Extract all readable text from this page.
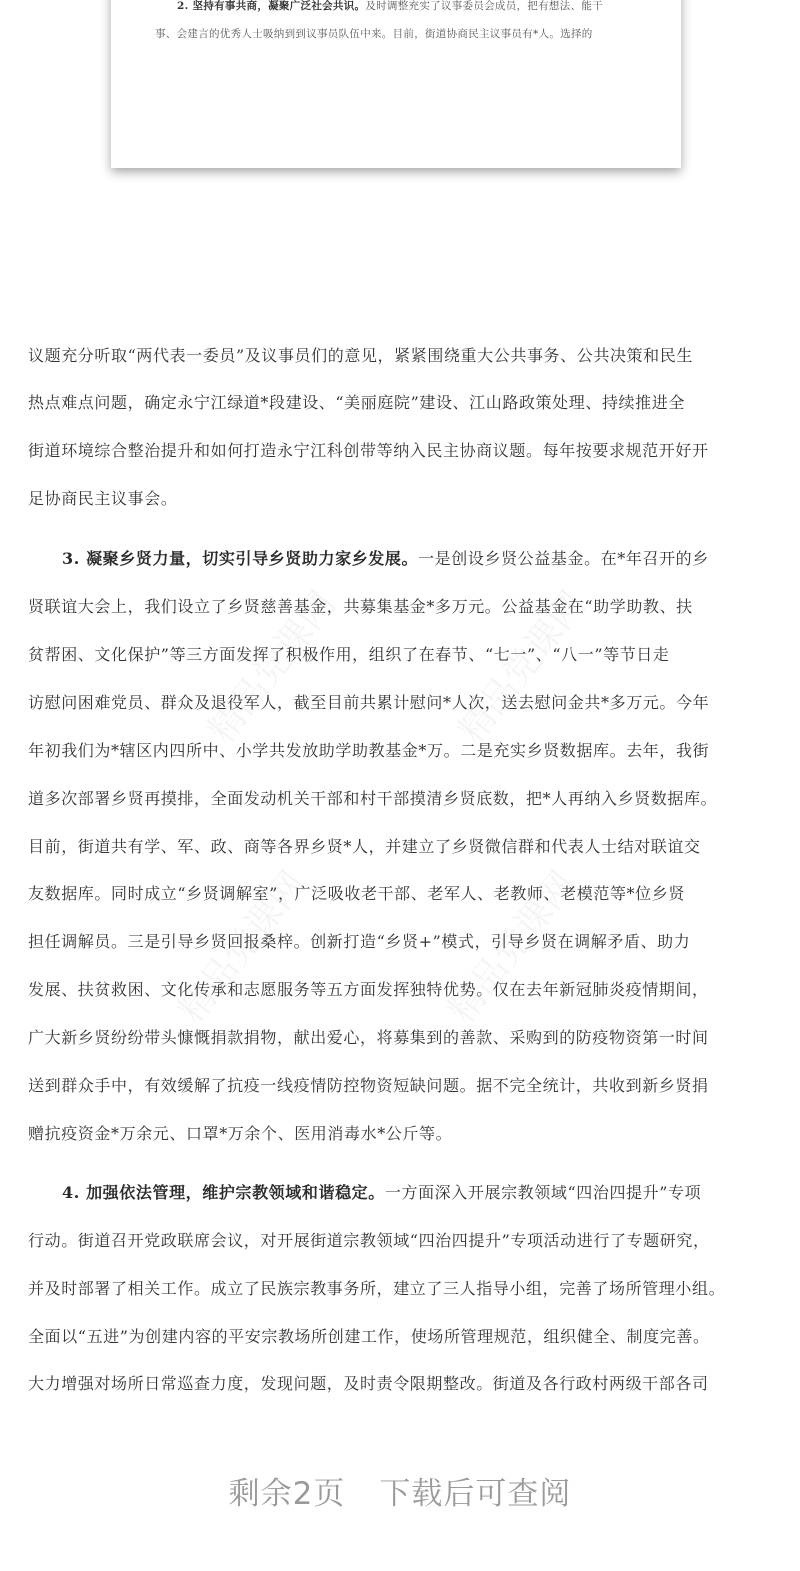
2. 坚持有事共商，凝聚广泛社会共识。及时调整充实了议事委员会成员，把有想法、能干
事、会建言的优秀人士吸纳到到议事员队伍中来。目前，街道协商民主议事员有*人。选择的
议题充分听取“两代表一委员”及议事员们的意见，紧紧围绕重大公共事务、公共决策和民生
热点难点问题，确定永宁江绿道*段建设、“美丽庭院”建设、江山路政策处理、持续推进全
街道环境综合整治提升和如何打造永宁江科创带等纳入民主协商议题。每年按要求规范开好开
足协商民主议事会。
3. 凝聚乡贤力量，切实引导乡贤助力家乡发展。一是创设乡贤公益基金。在*年召开的乡
贤联谊大会上，我们设立了乡贤慈善基金，共募集基金*多万元。公益基金在“助学助教、扶
贫帮困、文化保护”等三方面发挥了积极作用，组织了在春节、“七一”、“八一”等节日走
访慰问困难党员、群众及退役军人，截至目前共累计慰问*人次，送去慰问金共*多万元。今年
年初我们为*辖区内四所中、小学共发放助学助教基金*万。二是充实乡贤数据库。去年，我街
道多次部署乡贤再摸排，全面发动机关干部和村干部摸清乡贤底数，把*人再纳入乡贤数据库。
目前，街道共有学、军、政、商等各界乡贤*人，并建立了乡贤微信群和代表人士结对联谊交
友数据库。同时成立“乡贤调解室”，广泛吸收老干部、老军人、老教师、老模范等*位乡贤
担任调解员。三是引导乡贤回报桑梓。创新打造“乡贤+”模式，引导乡贤在调解矛盾、助力
发展、扶贫救困、文化传承和志愿服务等五方面发挥独特优势。仅在去年新冠肺炎疫情期间，
广大新乡贤纷纷带头慷慨捐款捐物，献出爱心，将募集到的善款、采购到的防疫物资第一时间
送到群众手中，有效缓解了抗疫一线疫情防控物资短缺问题。据不完全统计，共收到新乡贤捐
赠抗疫资金*万余元、口罩*万余个、医用消毒水*公斤等。
4. 加强依法管理，维护宗教领域和谐稳定。一方面深入开展宗教领域“四治四提升”专项
行动。街道召开党政联席会议，对开展街道宗教领域“四治四提升”专项活动进行了专题研究，
并及时部署了相关工作。成立了民族宗教事务所，建立了三人指导小组，完善了场所管理小组。
全面以“五进”为创建内容的平安宗教场所创建工作，使场所管理规范，组织健全、制度完善。
大力增强对场所日常巡查力度，发现问题，及时责令限期整改。街道及各行政村两级干部各司
剩余2页 下载后可查阅
